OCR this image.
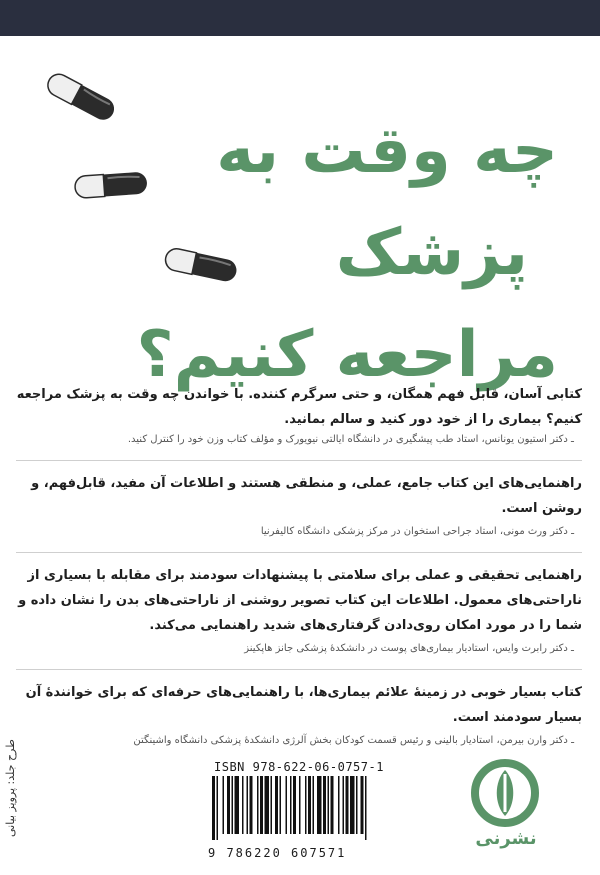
چه وقت به
پزشک
مراجعه کنیم؟

کتابی آسان، قابل فهم همگان، و حتی سرگرم کننده. با خواندن چه وقت به پزشک مراجعه کنیم؟ بیماری را از خود دور کنید و سالم بمانید.

ـ دکتر استیون یونانس، استاد طب پیشگیری در دانشگاه ایالتی نیویورک و مؤلف کتاب وزن خود را کنترل کنید.

راهنمایی‌های این کتاب جامع، عملی، و منطقی هستند و اطلاعات آن مفید، قابل‌فهم، و روشن است.

ـ دکتر ورث مونی، استاد جراحی استخوان در مرکز پزشکی دانشگاه کالیفرنیا

راهنمایی تحقیقی و عملی برای سلامتی با پیشنهادات سودمند برای مقابله با بسیاری از ناراحتی‌های معمول. اطلاعات این کتاب تصویر روشنی از ناراحتی‌های بدن را نشان داده و شما را در مورد امکان روی‌دادن گرفتاری‌های شدید راهنمایی می‌کند.

ـ دکتر رابرت وایس، استادیار بیماری‌های پوست در دانشکدهٔ پزشکی جانز هاپکینز

کتاب بسیار خوبی در زمینهٔ علائم بیماری‌ها، با راهنمایی‌های حرفه‌ای که برای خوانندهٔ آن بسیار سودمند است.

ـ دکتر وارن بیرمن، استادیار بالینی و رئیس قسمت کودکان بخش آلرژی دانشکدهٔ پزشکی دانشگاه واشینگتن
طرح جلد: پرویز بیانی	ISBN 978-622-06-0757-1
9 786220 607571
نشرنی
